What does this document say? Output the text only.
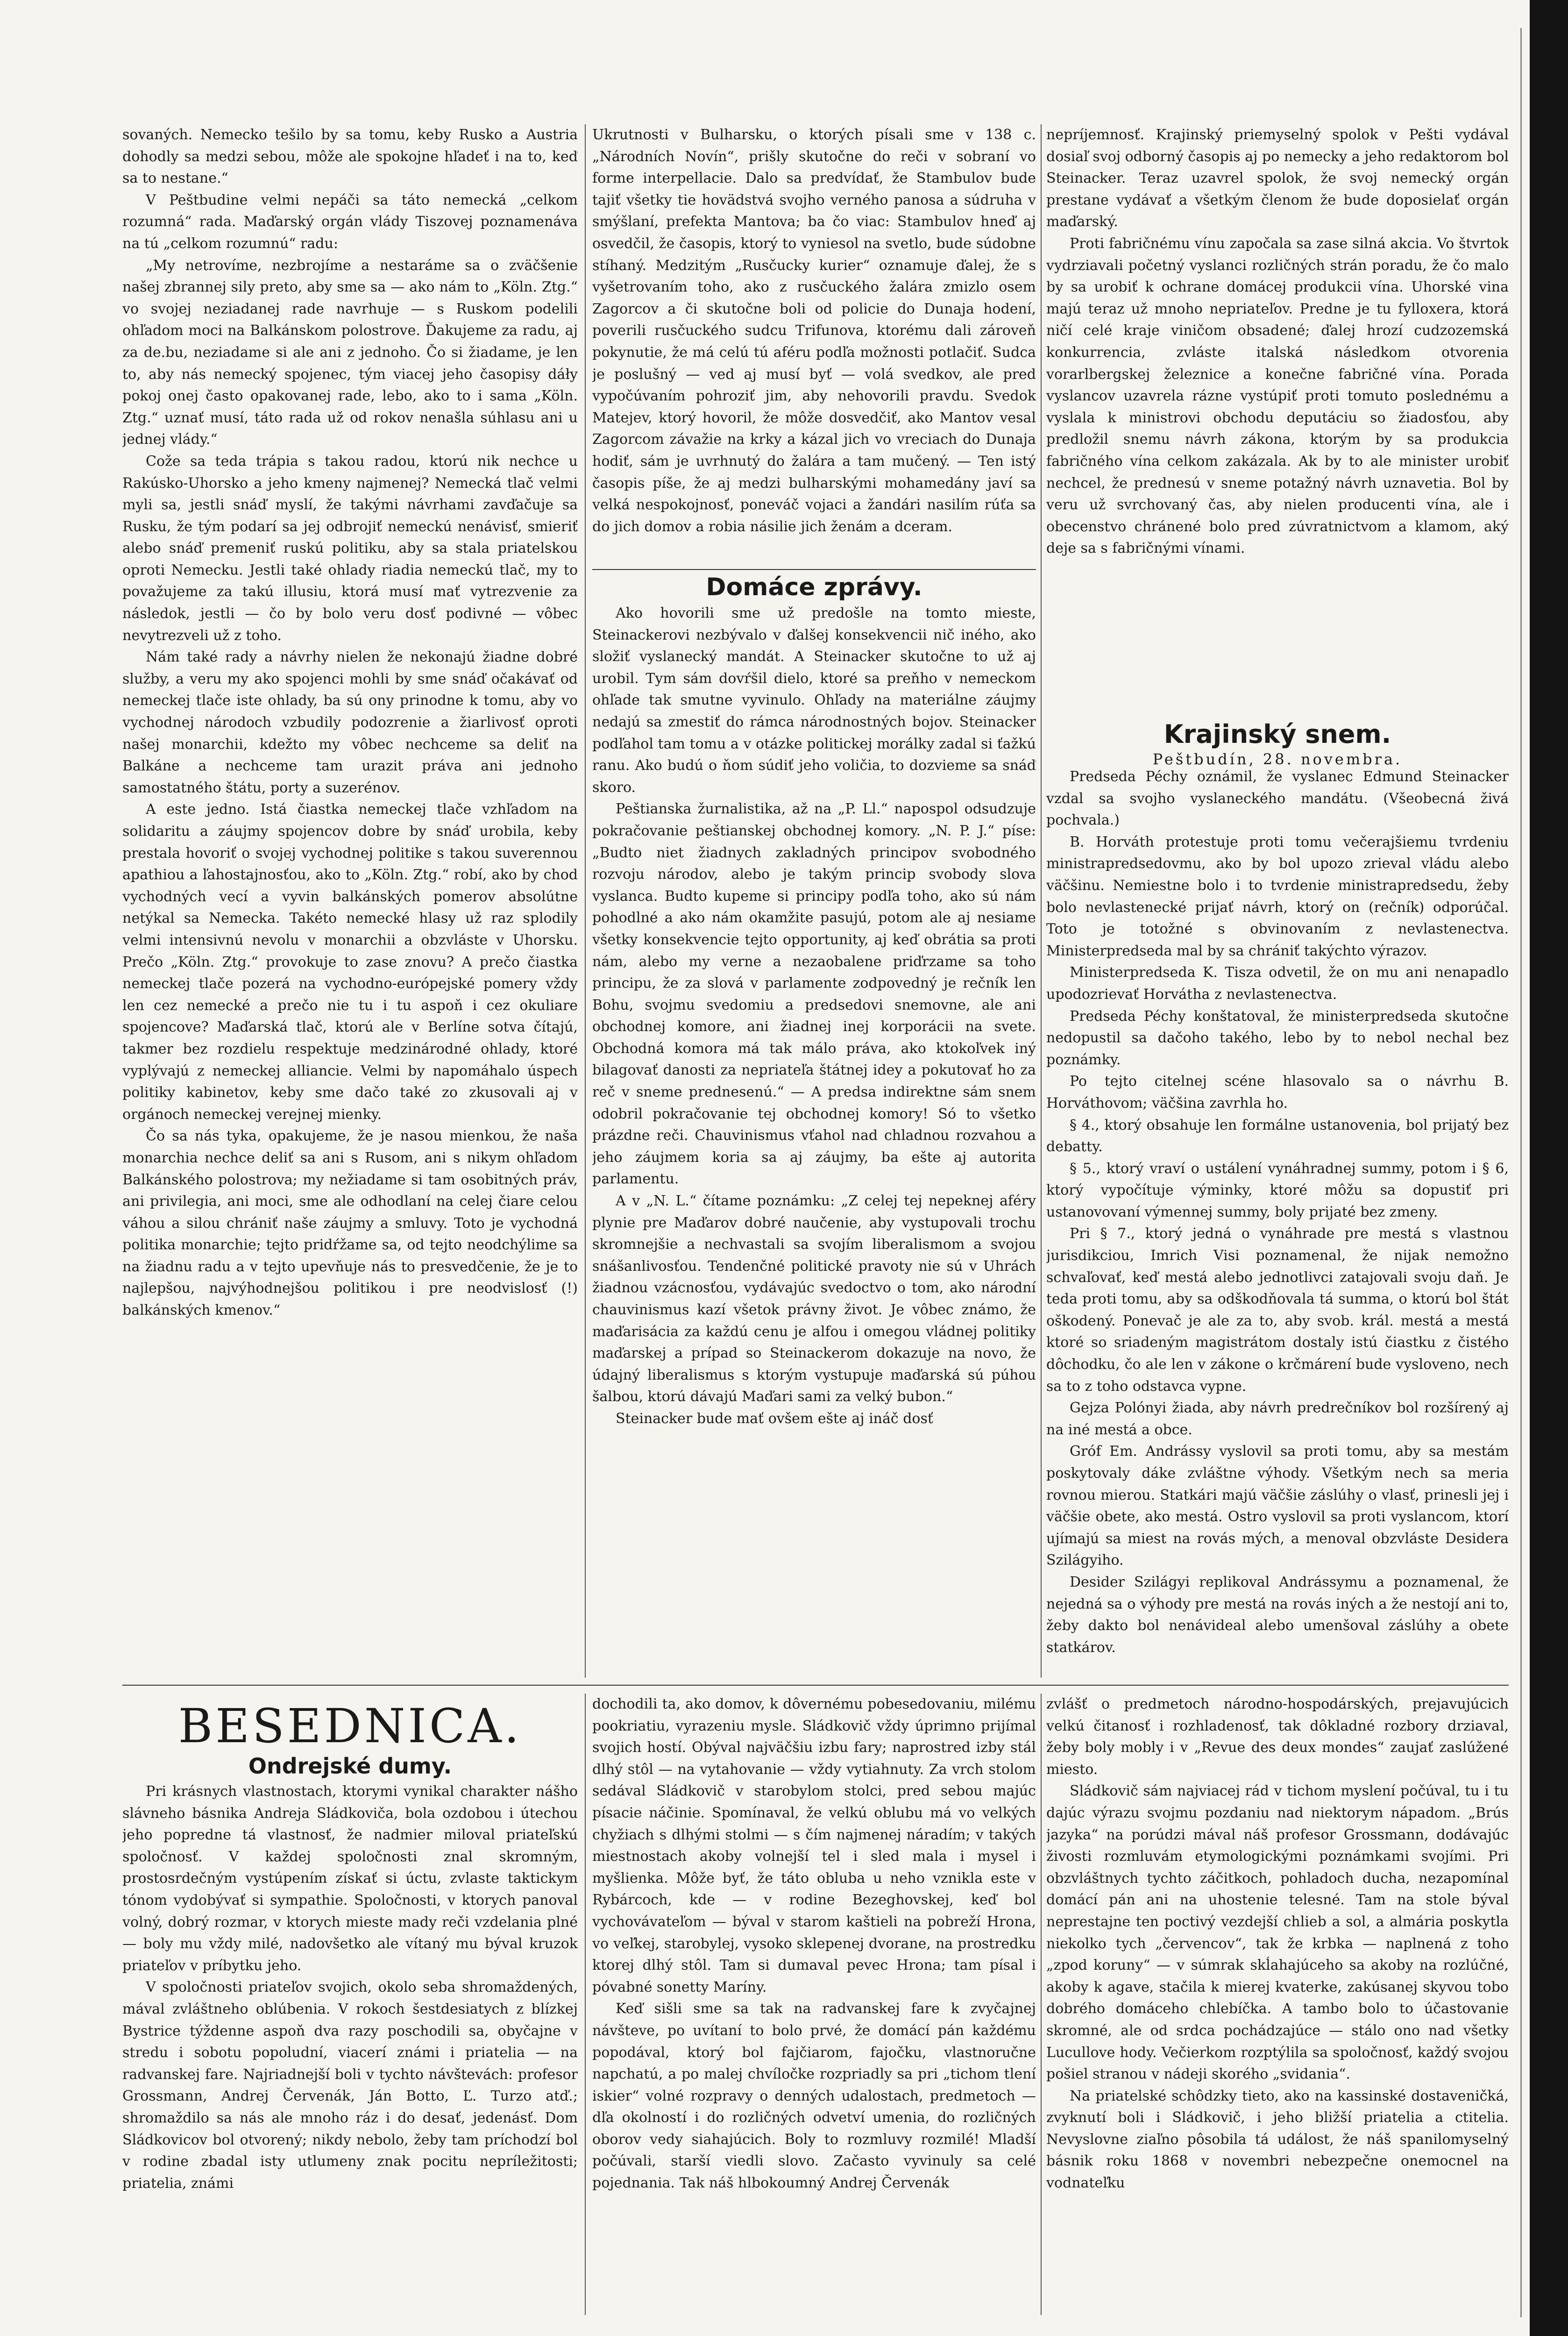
sovaných. Nemecko tešilo by sa tomu, keby Rusko a Austria dohodly sa medzi sebou, môže ale spokojne hľadeť i na to, keď sa to nestane.“

V Peštbudine velmi nepáči sa táto nemecká „celkom rozumná“ rada. Maďarský orgán vlády Tiszovej poznamenáva na tú „celkom rozumnú“ radu:

„My netrovíme, nezbrojíme a nestaráme sa o zväčšenie našej zbrannej sily preto, aby sme sa — ako nám to „Köln. Ztg.“ vo svojej neziadanej rade navrhuje — s Ruskom podelili ohľadom moci na Balkánskom polostrove. Ďakujeme za radu, aj za de.bu, neziadame si ale ani z jednoho. Čo si žiadame, je len to, aby nás nemecký spojenec, tým viacej jeho časopisy dáły pokoj onej často opakovanej rade, lebo, ako to i sama „Köln. Ztg.“ uznať musí, táto rada už od rokov nenašla súhlasu ani u jednej vlády.“

Cože sa teda trápia s takou radou, ktorú nik nechce u Rakúsko-Uhorsko a jeho kmeny najmenej? Nemecká tlač velmi myli sa, jestli snáď myslí, že takými návrhami zavďačuje sa Rusku, že tým podarí sa jej odbrojiť nemeckú nenávisť, smieriť alebo snáď premeniť ruskú politiku, aby sa stala priatelskou oproti Nemecku. Jestli také ohlady riadia nemeckú tlač, my to považujeme za takú illusiu, ktorá musí mať vytrezvenie za následok, jestli — čo by bolo veru dosť podivné — vôbec nevytrezveli už z toho.

Nám také rady a návrhy nielen že nekonajú žiadne dobré služby, a veru my ako spojenci mohli by sme snáď očakávať od nemeckej tlače iste ohlady, ba sú ony prinodne k tomu, aby vo vychodnej národoch vzbudily podozrenie a žiarlivosť oproti našej monarchii, kdežto my vôbec nechceme sa deliť na Balkáne a nechceme tam urazit práva ani jednoho samostatného štátu, porty a suzerénov.

A este jedno. Istá čiastka nemeckej tlače vzhľadom na solidaritu a záujmy spojencov dobre by snáď urobila, keby prestala hovoriť o svojej vychodnej politike s takou suverennou apathiou a ľahostajnosťou, ako to „Köln. Ztg.“ robí, ako by chod vychodných vecí a vyvin balkánských pomerov absolútne netýkal sa Nemecka. Takéto nemecké hlasy už raz splodily velmi intensivnú nevolu v monarchii a obzvláste v Uhorsku. Prečo „Köln. Ztg.“ provokuje to zase znovu? A prečo čiastka nemeckej tlače pozerá na vychodno-európejské pomery vždy len cez nemecké a prečo nie tu i tu aspoň i cez okuliare spojencove? Maďarská tlač, ktorú ale v Berlíne sotva čítajú, takmer bez rozdielu respektuje medzinárodné ohlady, ktoré vyplývajú z nemeckej alliancie. Velmi by napomáhalo úspech politiky kabinetov, keby sme dačo také zo zkusovali aj v orgánoch nemeckej verejnej mienky.

Čo sa nás tyka, opakujeme, že je nasou mienkou, že naša monarchia nechce deliť sa ani s Rusom, ani s nikym ohľadom Balkánského polostrova; my nežiadame si tam osobitných práv, ani privilegia, ani moci, sme ale odhodlaní na celej čiare celou váhou a silou chrániť naše záujmy a smluvy. Toto je vychodná politika monarchie; tejto pridŕžame sa, od tejto neodchýlime sa na žiadnu radu a v tejto upevňuje nás to presvedčenie, že je to najlepšou, najvýhodnejšou politikou i pre neodvislosť (!) balkánských kmenov.“

Ukrutnosti v Bulharsku, o ktorých písali sme v 138 c. „Národních Novín“, prišly skutočne do reči v sobraní vo forme interpellacie. Dalo sa predvídať, že Stambulov bude tajiť všetky tie hovädstvá svojho verného panosa a súdruha v smýšlaní, prefekta Mantova; ba čo viac: Stambulov hneď aj osvedčil, že časopis, ktorý to vyniesol na svetlo, bude súdobne stíhaný. Medzitým „Rusčucky kurier“ oznamuje ďalej, že s vyšetrovaním toho, ako z rusčuckého žalára zmizlo osem Zagorcov a či skutočne boli od policie do Dunaja hodení, poverili rusčuckého sudcu Trifunova, ktorému dali zároveň pokynutie, že má celú tú aféru podľa možnosti potlačiť. Sudca je poslušný — ved aj musí byť — volá svedkov, ale pred vypočúvaním pohroziť jim, aby nehovorili pravdu. Svedok Matejev, ktorý hovoril, že môže dosvedčiť, ako Mantov vesal Zagorcom závažie na krky a kázal jich vo vreciach do Dunaja hodiť, sám je uvrhnutý do žalára a tam mučený. — Ten istý časopis píše, že aj medzi bulharskými mohamedány javí sa velká nespokojnosť, poneváč vojaci a žandári nasilím rúťa sa do jich domov a robia násilie jich ženám a dceram.

Domáce zprávy.

Ako hovorili sme už predošle na tomto mieste, Steinackerovi nezbývalo v ďalšej konsekvencii nič iného, ako složiť vyslanecký mandát. A Steinacker skutočne to už aj urobil. Tym sám dovŕšil dielo, ktoré sa preňho v nemeckom ohľade tak smutne vyvinulo. Ohľady na materiálne záujmy nedajú sa zmestiť do rámca národnostných bojov. Steinacker podľahol tam tomu a v otázke politickej morálky zadal si ťažkú ranu. Ako budú o ňom súdiť jeho voličia, to dozvieme sa snáď skoro.

Peštianska žurnalistika, až na „P. Ll.“ napospol odsudzuje pokračovanie peštianskej obchodnej komory. „N. P. J.“ píse: „Budto niet žiadnych zakladných principov svobodného rozvoju národov, alebo je takým princip svobody slova vyslanca. Budto kupeme si principy podľa toho, ako sú nám pohodlné a ako nám okamžite pasujú, potom ale aj nesiame všetky konsekvencie tejto opportunity, aj keď obrátia sa proti nám, alebo my verne a nezaobalene priďrzame sa toho principu, že za slová v parlamente zodpovedný je rečník len Bohu, svojmu svedomiu a predsedovi snemovne, ale ani obchodnej komore, ani žiadnej inej korporácii na svete. Obchodná komora má tak málo práva, ako ktokoľvek iný bilagovať danosti za nepriateľa štátnej idey a pokutovať ho za reč v sneme prednesenú.“ — A predsa indirektne sám snem odobril pokračovanie tej obchodnej komory! Só to všetko prázdne reči. Chauvinismus vťahol nad chladnou rozvahou a jeho záujmem koria sa aj záujmy, ba ešte aj autorita parlamentu.

A v „N. L.“ čítame poznámku: „Z celej tej nepeknej aféry plynie pre Maďarov dobré naučenie, aby vystupovali trochu skromnejšie a nechvastali sa svojím liberalismom a svojou snášanlivosťou. Tendenčné politické pravoty nie sú v Uhrách žiadnou vzácnosťou, vydávajúc svedoctvo o tom, ako národní chauvinismus kazí všetok právny život. Je vôbec známo, že maďarisácia za každú cenu je alfou i omegou vládnej politiky maďarskej a prípad so Steinackerom dokazuje na novo, že údajný liberalismus s ktorým vystupuje maďarská sú púhou šalbou, ktorú dávajú Maďari sami za velký bubon.“

Steinacker bude mať ovšem ešte aj ináč dosť

nepríjemnosť. Krajinský priemyselný spolok v Pešti vydával dosiaľ svoj odborný časopis aj po nemecky a jeho redaktorom bol Steinacker. Teraz uzavrel spolok, že svoj nemecký orgán prestane vydávať a všetkým členom že bude doposielať orgán maďarský.

Proti fabričnému vínu započala sa zase silná akcia. Vo štvrtok vydrziavali početný vyslanci rozličných strán poradu, že čo malo by sa urobiť k ochrane domácej produkcii vína. Uhorské vina majú teraz už mnoho nepriateľov. Predne je tu fylloxera, ktorá ničí celé kraje viničom obsadené; ďalej hrozí cudzozemská konkurrencia, zvláste italská následkom otvorenia vorarlbergskej železnice a konečne fabričné vína. Porada vyslancov uzavrela rázne vystúpiť proti tomuto poslednému a vyslala k ministrovi obchodu deputáciu so žiadosťou, aby predložil snemu návrh zákona, ktorým by sa produkcia fabričného vína celkom zakázala. Ak by to ale minister urobiť nechcel, že prednesú v sneme potažný návrh uznavetia. Bol by veru už svrchovaný čas, aby nielen producenti vína, ale i obecenstvo chránené bolo pred zúvratnictvom a klamom, aký deje sa s fabričnými vínami.

Krajinský snem.
Peštbudín, 28. novembra.

Predseda Péchy oznámil, že vyslanec Edmund Steinacker vzdal sa svojho vyslaneckého mandátu. (Všeobecná živá pochvala.)

B. Horváth protestuje proti tomu večerajšiemu tvrdeniu ministrapredsedovmu, ako by bol upozo zrieval vládu alebo väčšinu. Nemiestne bolo i to tvrdenie ministrapredsedu, žeby bolo nevlastenecké prijať návrh, ktorý on (rečník) odporúčal. Toto je totožné s obvinovaním z nevlastenectva. Ministerpredseda mal by sa chrániť takýchto výrazov.

Ministerpredseda K. Tisza odvetil, že on mu ani nenapadlo upodozrievať Horvátha z nevlastenectva.

Predseda Péchy konštatoval, že ministerpredseda skutočne nedopustil sa dačoho takého, lebo by to nebol nechal bez poznámky.

Po tejto citelnej scéne hlasovalo sa o návrhu B. Horváthovom; väčšina zavrhla ho.

§ 4., ktorý obsahuje len formálne ustanovenia, bol prijatý bez debatty.

§ 5., ktorý vraví o ustálení vynáhradnej summy, potom i § 6, ktorý vypočítuje výminky, ktoré môžu sa dopustiť pri ustanovovaní výmennej summy, boly prijaté bez zmeny.

Pri § 7., ktorý jedná o vynáhrade pre mestá s vlastnou jurisdikciou, Imrich Visi poznamenal, že nijak nemožno schvaľovať, keď mestá alebo jednotlivci zatajovali svoju daň. Je teda proti tomu, aby sa odškodňovala tá summa, o ktorú bol štát oškodený. Ponevač je ale za to, aby svob. král. mestá a mestá ktoré so sriadeným magistrátom dostaly istú čiastku z čistého dôchodku, čo ale len v zákone o krčmárení bude vysloveno, nech sa to z toho odstavca vypne.

Gejza Polónyi žiada, aby návrh predrečníkov bol rozšírený aj na iné mestá a obce.

Gróf Em. Andrássy vyslovil sa proti tomu, aby sa mestám poskytovaly dáke zvláštne výhody. Všetkým nech sa meria rovnou mierou. Statkári majú väčšie záslúhy o vlasť, prinesli jej i väčšie obete, ako mestá. Ostro vyslovil sa proti vyslancom, ktorí ujímajú sa miest na rovás mých, a menoval obzvláste Desidera Szilágyiho.

Desider Szilágyi replikoval Andrássymu a poznamenal, že nejedná sa o výhody pre mestá na rovás iných a že nestojí ani to, žeby dakto bol nenávideal alebo umenšoval záslúhy a obete statkárov.

BESEDNICA.
Ondrejské dumy.

Pri krásnych vlastnostach, ktorymi vynikal charakter nášho slávneho básnika Andreja Sládkoviča, bola ozdobou i útechou jeho popredne tá vlastnosť, že nadmier miloval priateľskú spoločnosť. V každej spoločnosti znal skromným, prostosrdečným vystúpením získať si úctu, zvlaste taktickym tónom vydobývať si sympathie. Spoločnosti, v ktorych panoval volný, dobrý rozmar, v ktorych mieste mady reči vzdelania plné — boly mu vždy milé, nadovšetko ale vítaný mu býval kruzok priateľov v príbytku jeho.

V spoločnosti priateľov svojich, okolo seba shromaždených, mával zvláštneho oblúbenia. V rokoch šestdesiatych z blízkej Bystrice týždenne aspoň dva razy poschodili sa, obyčajne v stredu i sobotu popoludní, viacerí známi i priatelia — na radvanskej fare. Najriadnejší boli v tychto návštevách: profesor Grossmann, Andrej Červenák, Ján Botto, Ľ. Turzo atď.; shromaždilo sa nás ale mnoho ráz i do desať, jedenásť. Dom Sládkovicov bol otvorený; nikdy nebolo, žeby tam príchodzí bol v rodine zbadal isty utlumeny znak pocitu nepríležitosti; priatelia, známi

dochodili ta, ako domov, k dôvernému pobesedovaniu, milému pookriatiu, vyrazeniu mysle. Sládkovič vždy úprimno prijímal svojich hostí. Obýval najväčšiu izbu fary; naprostred izby stál dlhý stôl — na vytahovanie — vždy vytiahnuty. Za vrch stolom sedával Sládkovič v starobylom stolci, pred sebou majúc písacie náčinie. Spomínaval, že velkú oblubu má vo velkých chyžiach s dlhými stolmi — s čím najmenej náradím; v takých miestnostach akoby volnejší tel i sled mala i mysel i myšlienka. Môže byť, že táto obluba u neho vznikla este v Rybárcoch, kde — v rodine Bezeghovskej, keď bol vychovávateľom — býval v starom kaštieli na pobreží Hrona, vo veľkej, starobylej, vysoko sklepenej dvorane, na prostredku ktorej dlhý stôl. Tam si dumaval pevec Hrona; tam písal i póvabné sonetty Maríny.

Keď sišli sme sa tak na radvanskej fare k zvyčajnej návšteve, po uvítaní to bolo prvé, že domácí pán každému popodával, ktorý bol fajčiarom, fajočku, vlastnoručne napchatú, a po malej chvíločke rozpriadly sa pri „tichom tlení iskier“ volné rozpravy o denných udalostach, predmetoch — dľa okolností i do rozličných odvetví umenia, do rozličných oborov vedy siahajúcich. Boly to rozmluvy rozmilé! Mladší počúvali, starší viedli slovo. Začasto vyvinuly sa celé pojednania. Tak náš hlbokoumný Andrej Červenák

zvlášť o predmetoch národno-hospodárských, prejavujúcich velkú čitanosť i rozhladenosť, tak dôkladné rozbory drziaval, žeby boly mobly i v „Revue des deux mondes“ zaujať zaslúžené miesto.

Sládkovič sám najviacej rád v tichom myslení počúval, tu i tu dajúc výrazu svojmu pozdaniu nad niektorym nápadom. „Brús jazyka“ na porúdzi mával náš profesor Grossmann, dodávajúc živosti rozmluvám etymologickými poznámkami svojími. Pri obzvláštnych tychto záčitkoch, pohladoch ducha, nezapomínal domácí pán ani na uhostenie telesné. Tam na stole býval neprestajne ten poctivý vezdejší chlieb a sol, a almária poskytla niekolko tych „červencov“, tak že krbka — naplnená z toho „zpod koruny“ — v súmrak skĺahajúceho sa akoby na rozlúčné, akoby k agave, stačila k mierej kvaterke, zakúsanej skyvou tobo dobrého domáceho chlebíčka. A tambo bolo to účastovanie skromné, ale od srdca pochádzajúce — stálo ono nad všetky Lucullove hody. Večierkom rozptýlila sa spoločnosť, každý svojou pošiel stranou v nádeji skorého „svidania“.

Na priatelské schôdzky tieto, ako na kassinské dostaveničká, zvyknutí boli i Sládkovič, i jeho bližší priatelia a ctitelia. Nevyslovne ziaľno pôsobila tá událost, že náš spanilomyselný básnik roku 1868 v novembri nebezpečne onemocnel na vodnateľku
